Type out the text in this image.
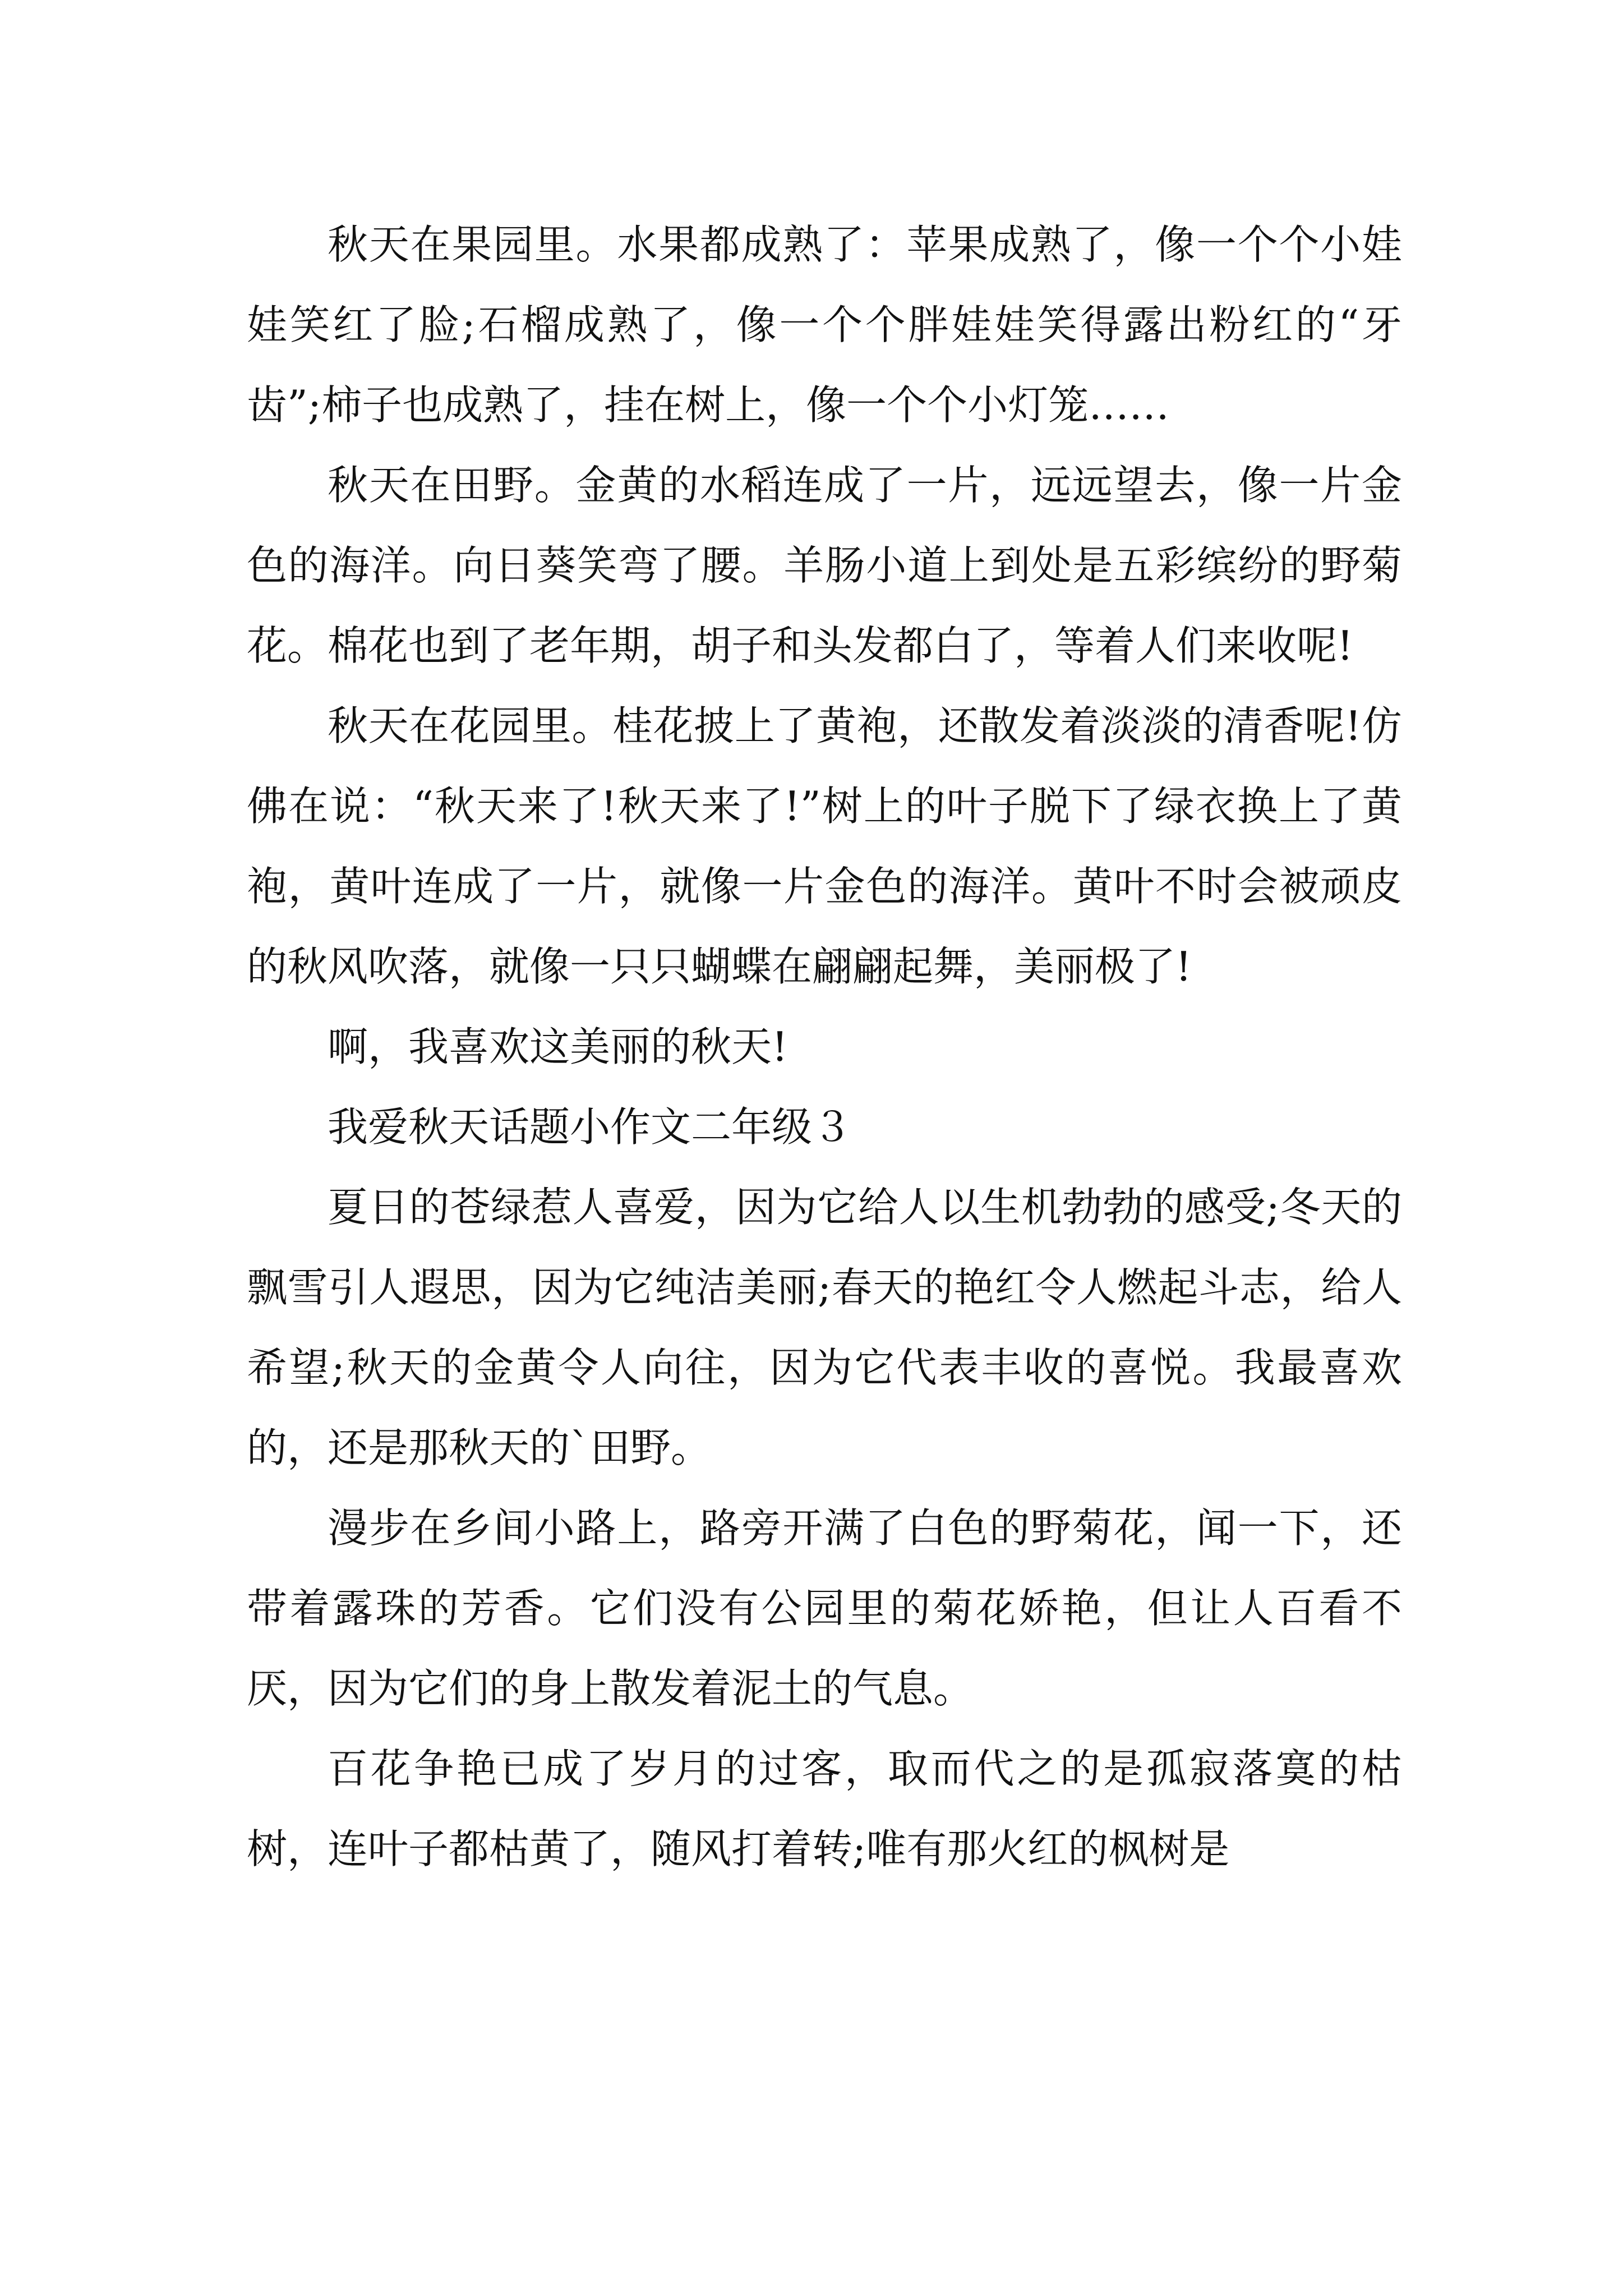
秋天在果园里。水果都成熟了：苹果成熟了，像一个个小娃娃笑红了脸;石榴成熟了，像一个个胖娃娃笑得露出粉红的“牙齿”;柿子也成熟了，挂在树上，像一个个小灯笼……

秋天在田野。金黄的水稻连成了一片，远远望去，像一片金色的海洋。向日葵笑弯了腰。羊肠小道上到处是五彩缤纷的野菊花。棉花也到了老年期，胡子和头发都白了，等着人们来收呢!

秋天在花园里。桂花披上了黄袍，还散发着淡淡的清香呢!仿佛在说：“秋天来了!秋天来了!”树上的叶子脱下了绿衣换上了黄袍，黄叶连成了一片，就像一片金色的海洋。黄叶不时会被顽皮的秋风吹落，就像一只只蝴蝶在翩翩起舞，美丽极了!

啊，我喜欢这美丽的秋天!

我爱秋天话题小作文二年级３

夏日的苍绿惹人喜爱，因为它给人以生机勃勃的感受;冬天的飘雪引人遐思，因为它纯洁美丽;春天的艳红令人燃起斗志，给人希望;秋天的金黄令人向往，因为它代表丰收的喜悦。我最喜欢的，还是那秋天的`田野。

漫步在乡间小路上，路旁开满了白色的野菊花，闻一下，还带着露珠的芳香。它们没有公园里的菊花娇艳，但让人百看不厌，因为它们的身上散发着泥土的气息。

百花争艳已成了岁月的过客，取而代之的是孤寂落寞的枯树，连叶子都枯黄了，随风打着转;唯有那火红的枫树是
